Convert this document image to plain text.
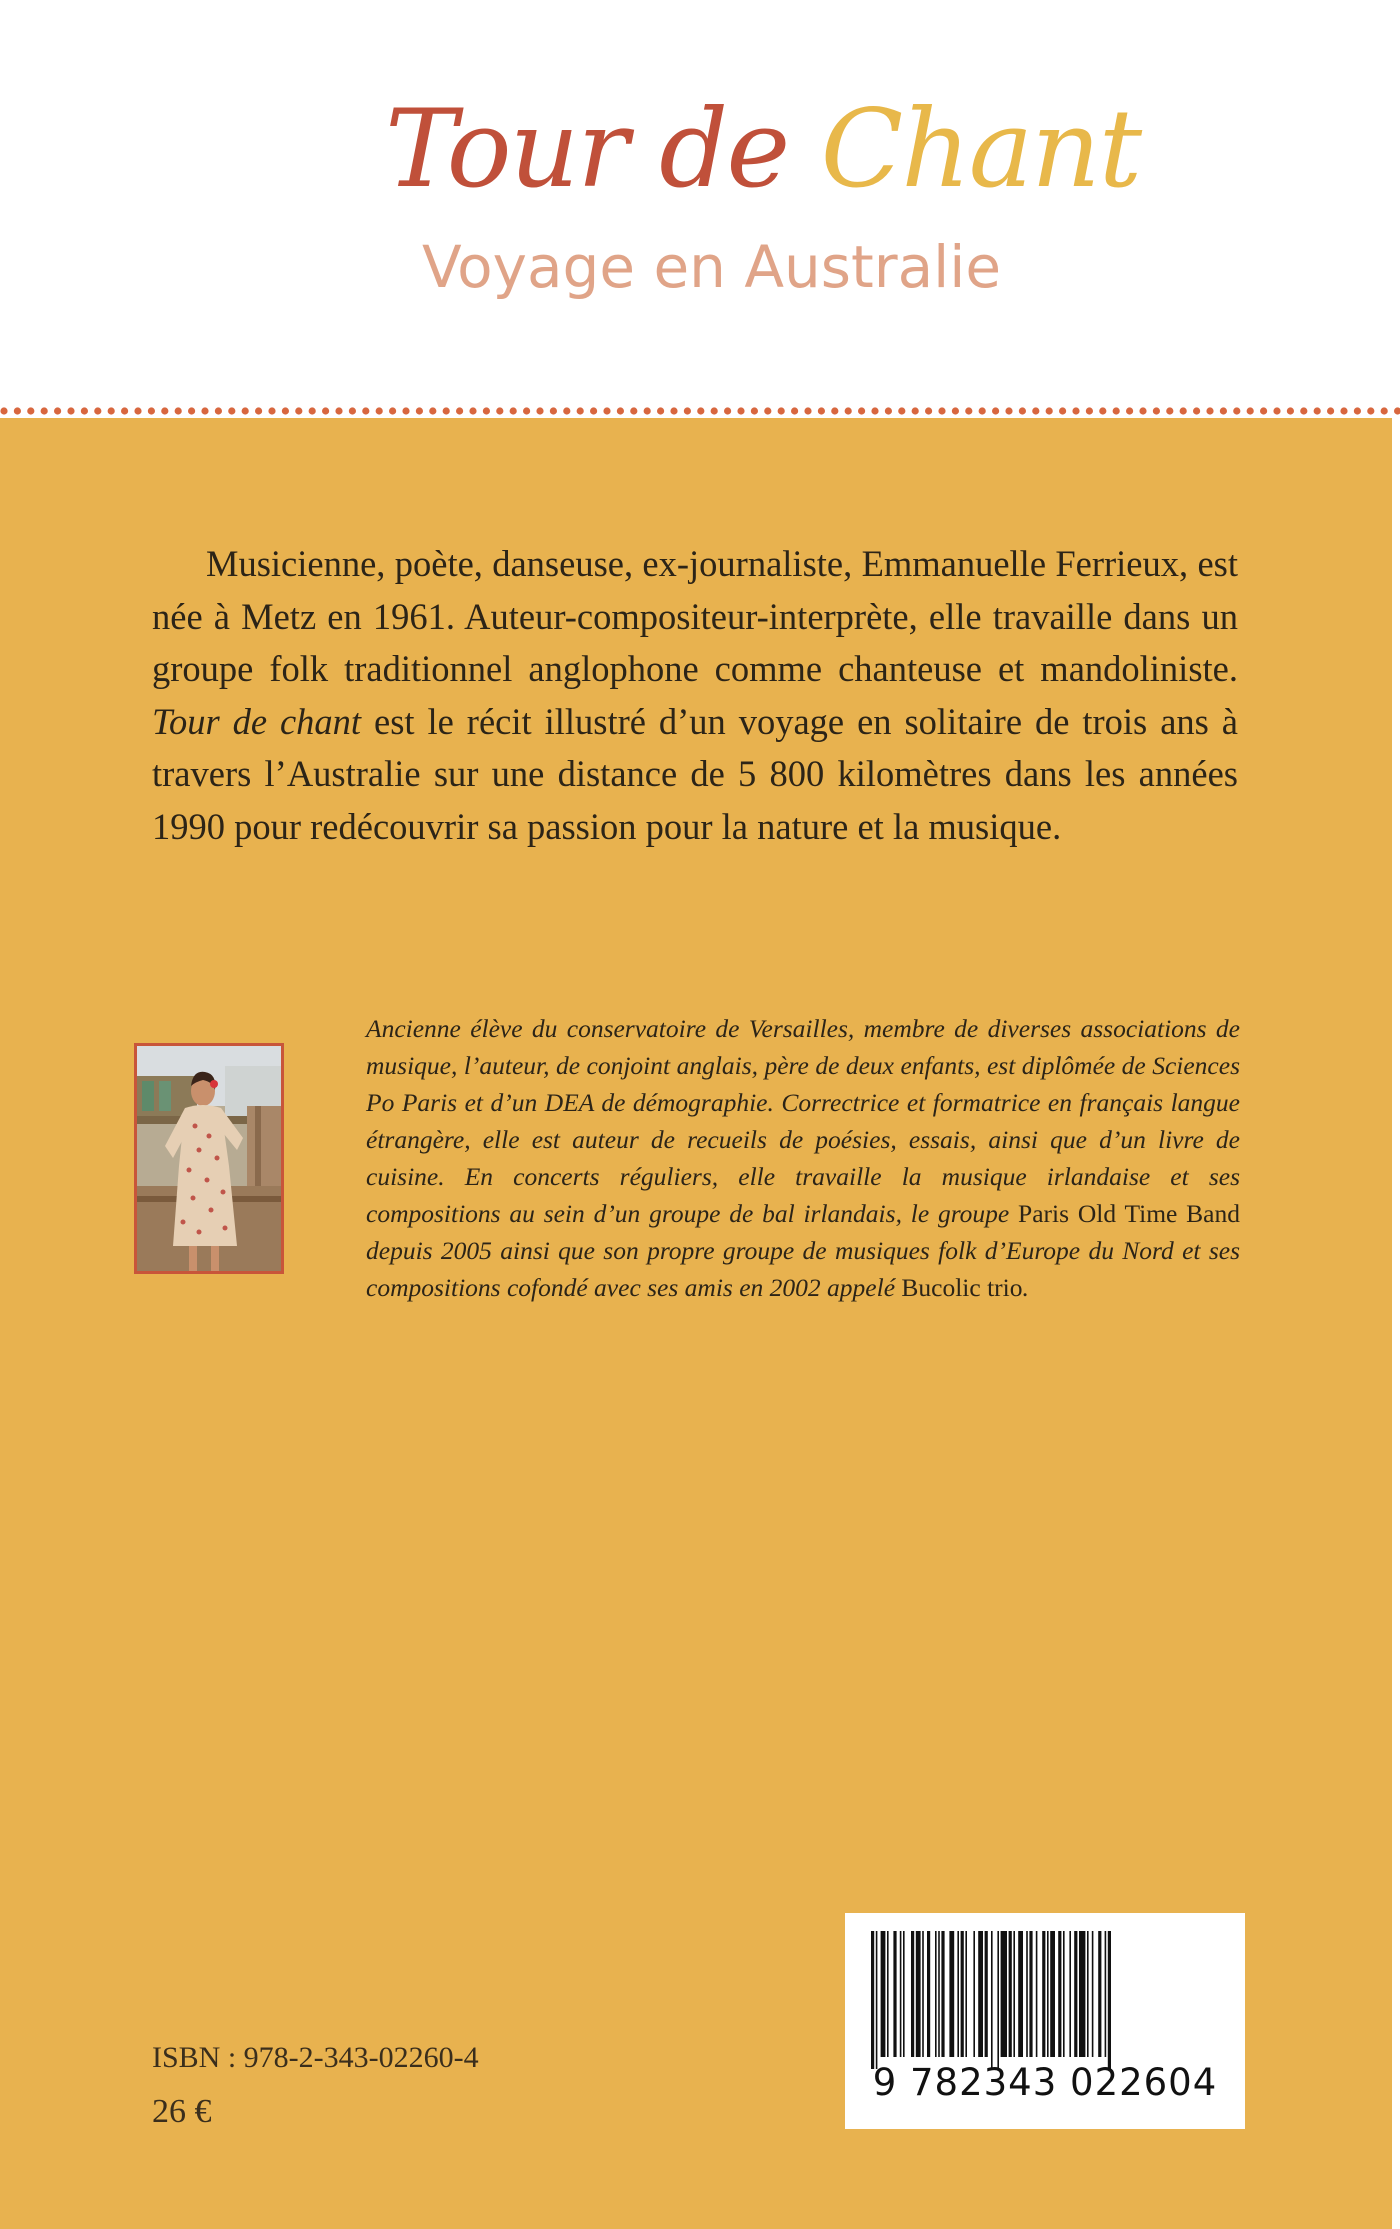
Tour de Chant
Voyage en Australie

Musicienne, poète, danseuse, ex-journaliste, Emmanuelle Ferrieux, est née à Metz en 1961. Auteur-compositeur-interprète, elle travaille dans un groupe folk traditionnel anglophone comme chanteuse et mandoliniste. Tour de chant est le récit illustré d’un voyage en solitaire de trois ans à travers l’Australie sur une distance de 5 800 kilomètres dans les années 1990 pour redécouvrir sa passion pour la nature et la musique.

Ancienne élève du conservatoire de Versailles, membre de diverses associations de musique, l’auteur, de conjoint anglais, père de deux enfants, est diplômée de Sciences Po Paris et d’un DEA de démographie. Correctrice et formatrice en français langue étrangère, elle est auteur de recueils de poésies, essais, ainsi que d’un livre de cuisine. En concerts réguliers, elle travaille la musique irlandaise et ses compositions au sein d’un groupe de bal irlandais, le groupe Paris Old Time Band depuis 2005 ainsi que son propre groupe de musiques folk d’Europe du Nord et ses compositions cofondé avec ses amis en 2002 appelé Bucolic trio.

ISBN : 978-2-343-02260-4
26 €
9 782343 022604
